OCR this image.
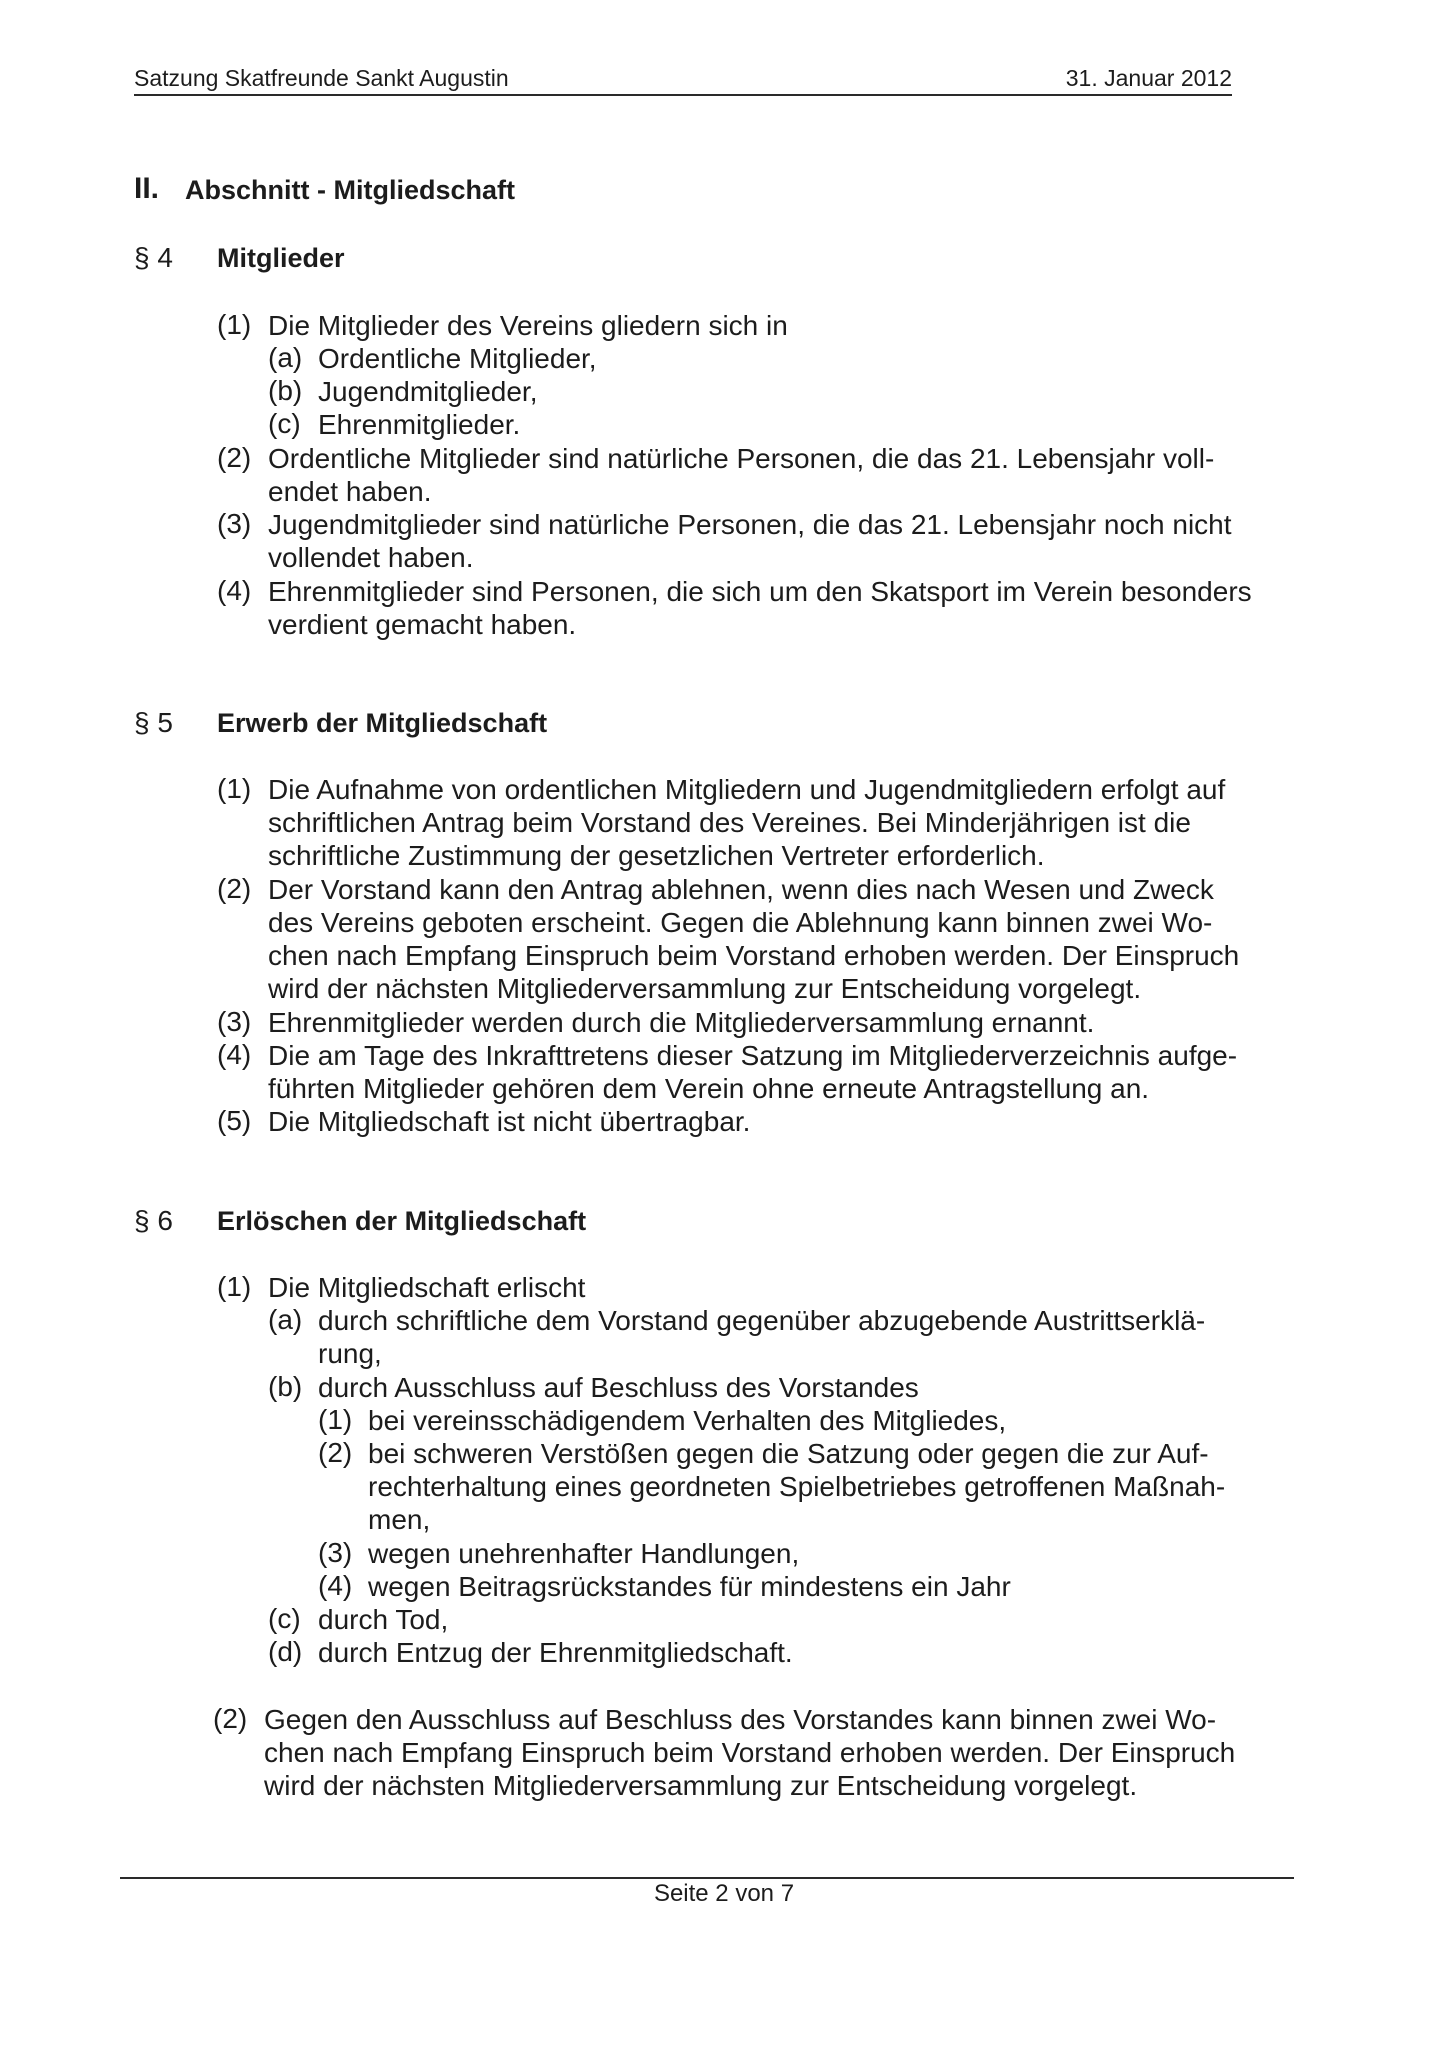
Satzung Skatfreunde Sankt Augustin	31. Januar 2012
II. Abschnitt - Mitgliedschaft
§ 4 Mitglieder
(1) Die Mitglieder des Vereins gliedern sich in
(a) Ordentliche Mitglieder,
(b) Jugendmitglieder,
(c) Ehrenmitglieder.
(2) Ordentliche Mitglieder sind natürliche Personen, die das 21. Lebensjahr voll-
endet haben.
(3) Jugendmitglieder sind natürliche Personen, die das 21. Lebensjahr noch nicht
vollendet haben.
(4) Ehrenmitglieder sind Personen, die sich um den Skatsport im Verein besonders
verdient gemacht haben.
§ 5 Erwerb der Mitgliedschaft
(1) Die Aufnahme von ordentlichen Mitgliedern und Jugendmitgliedern erfolgt auf
schriftlichen Antrag beim Vorstand des Vereines. Bei Minderjährigen ist die
schriftliche Zustimmung der gesetzlichen Vertreter erforderlich.
(2) Der Vorstand kann den Antrag ablehnen, wenn dies nach Wesen und Zweck
des Vereins geboten erscheint. Gegen die Ablehnung kann binnen zwei Wo-
chen nach Empfang Einspruch beim Vorstand erhoben werden. Der Einspruch
wird der nächsten Mitgliederversammlung zur Entscheidung vorgelegt.
(3) Ehrenmitglieder werden durch die Mitgliederversammlung ernannt.
(4) Die am Tage des Inkrafttretens dieser Satzung im Mitgliederverzeichnis aufge-
führten Mitglieder gehören dem Verein ohne erneute Antragstellung an.
(5) Die Mitgliedschaft ist nicht übertragbar.
§ 6 Erlöschen der Mitgliedschaft
(1) Die Mitgliedschaft erlischt
(a) durch schriftliche dem Vorstand gegenüber abzugebende Austrittserklä-
rung,
(b) durch Ausschluss auf Beschluss des Vorstandes
(1) bei vereinsschädigendem Verhalten des Mitgliedes,
(2) bei schweren Verstößen gegen die Satzung oder gegen die zur Auf-
rechterhaltung eines geordneten Spielbetriebes getroffenen Maßnah-
men,
(3) wegen unehrenhafter Handlungen,
(4) wegen Beitragsrückstandes für mindestens ein Jahr
(c) durch Tod,
(d) durch Entzug der Ehrenmitgliedschaft.
(2) Gegen den Ausschluss auf Beschluss des Vorstandes kann binnen zwei Wo-
chen nach Empfang Einspruch beim Vorstand erhoben werden. Der Einspruch
wird der nächsten Mitgliederversammlung zur Entscheidung vorgelegt.
Seite 2 von 7
